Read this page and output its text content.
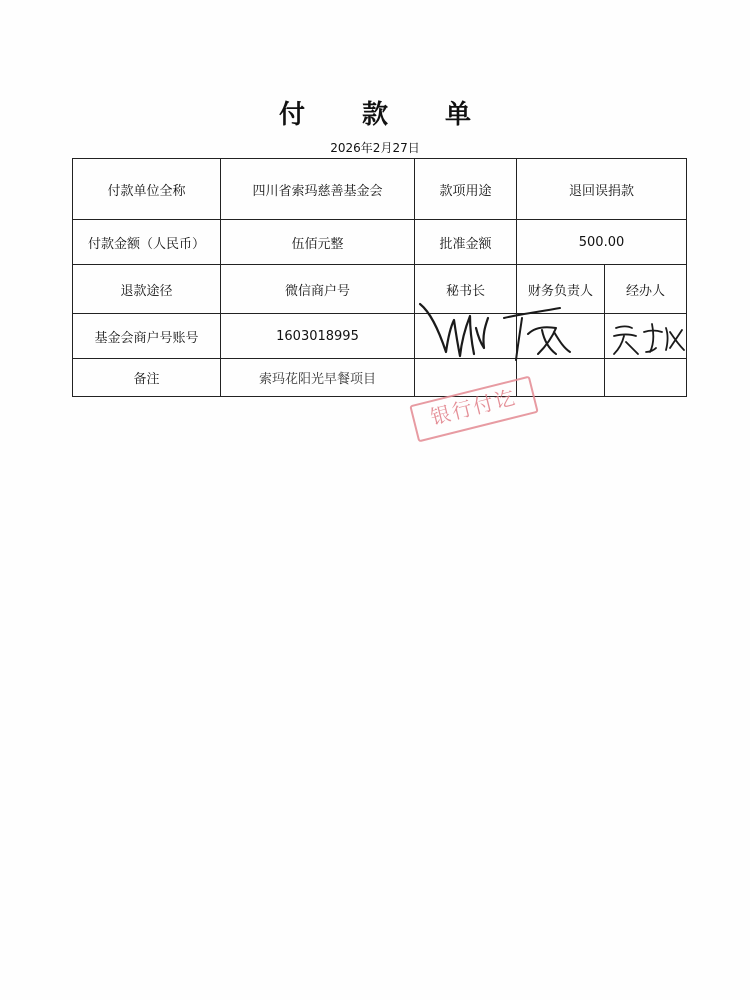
付 款 单
2026年2月27日
付款单位全称	四川省索玛慈善基金会	款项用途	退回误捐款	
付款金额（人民币）	伍佰元整	批准金额	500.00	
退款途径	微信商户号	秘书长	财务负责人	经办人
基金会商户号账号	1603018995			
备注	索玛花阳光早餐项目			
银行付讫
